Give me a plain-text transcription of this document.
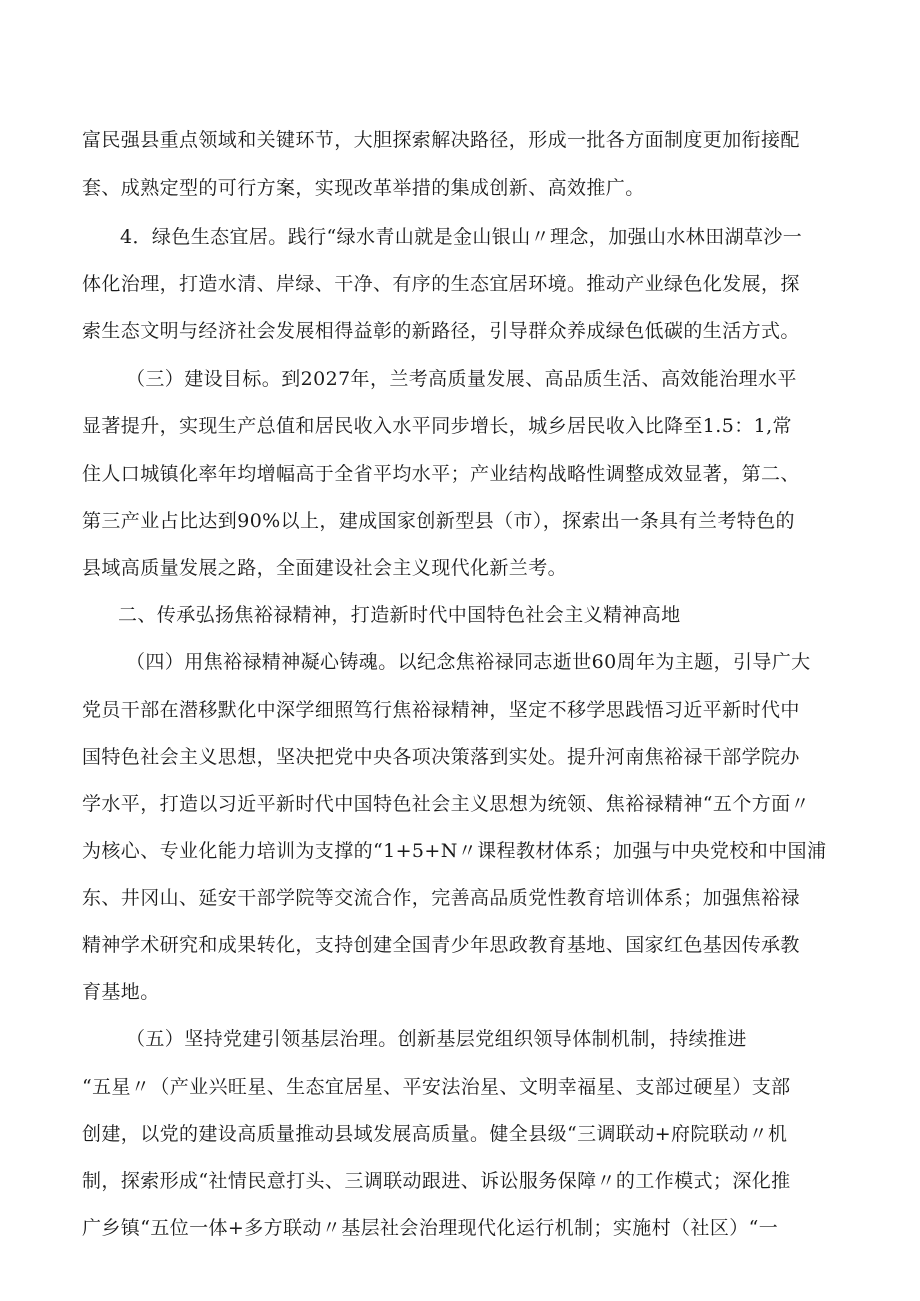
富民强县重点领域和关键环节，大胆探索解决路径，形成一批各方面制度更加衔接配
套、成熟定型的可行方案，实现改革举措的集成创新、高效推广。
4．绿色生态宜居。践行“绿水青山就是金山银山〃理念，加强山水林田湖草沙一
体化治理，打造水清、岸绿、干净、有序的生态宜居环境。推动产业绿色化发展，探
索生态文明与经济社会发展相得益彰的新路径，引导群众养成绿色低碳的生活方式。
（三）建设目标。到2027年，兰考高质量发展、高品质生活、高效能治理水平
显著提升，实现生产总值和居民收入水平同步增长，城乡居民收入比降至1.5：1,常
住人口城镇化率年均增幅高于全省平均水平；产业结构战略性调整成效显著，第二、
第三产业占比达到90%以上，建成国家创新型县（市），探索出一条具有兰考特色的
县域高质量发展之路，全面建设社会主义现代化新兰考。
二、传承弘扬焦裕禄精神，打造新时代中国特色社会主义精神高地
（四）用焦裕禄精神凝心铸魂。以纪念焦裕禄同志逝世60周年为主题，引导广大
党员干部在潜移默化中深学细照笃行焦裕禄精神，坚定不移学思践悟习近平新时代中
国特色社会主义思想，坚决把党中央各项决策落到实处。提升河南焦裕禄干部学院办
学水平，打造以习近平新时代中国特色社会主义思想为统领、焦裕禄精神“五个方面〃
为核心、专业化能力培训为支撑的“1+5+N〃课程教材体系；加强与中央党校和中国浦
东、井冈山、延安干部学院等交流合作，完善高品质党性教育培训体系；加强焦裕禄
精神学术研究和成果转化，支持创建全国青少年思政教育基地、国家红色基因传承教
育基地。
（五）坚持党建引领基层治理。创新基层党组织领导体制机制，持续推进
“五星〃（产业兴旺星、生态宜居星、平安法治星、文明幸福星、支部过硬星）支部
创建，以党的建设高质量推动县域发展高质量。健全县级“三调联动+府院联动〃机
制，探索形成“社情民意打头、三调联动跟进、诉讼服务保障〃的工作模式；深化推
广乡镇“五位一体+多方联动〃基层社会治理现代化运行机制；实施村（社区）“一
